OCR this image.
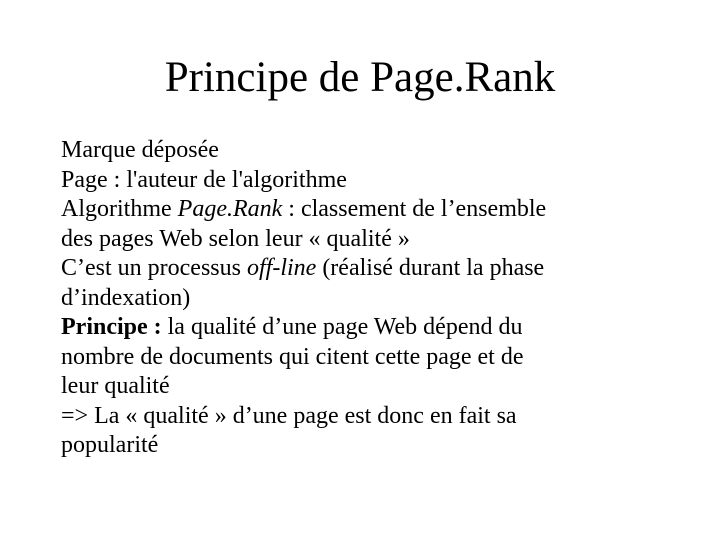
Principe de Page.Rank

Marque déposée

Page : l'auteur de l'algorithme

Algorithme Page.Rank : classement de l’ensemble
des pages Web selon leur « qualité »

C’est un processus off-line (réalisé durant la phase
d’indexation)

Principe : la qualité d’une page Web dépend du
nombre de documents qui citent cette page et de
leur qualité
=> La « qualité » d’une page est donc en fait sa
popularité
